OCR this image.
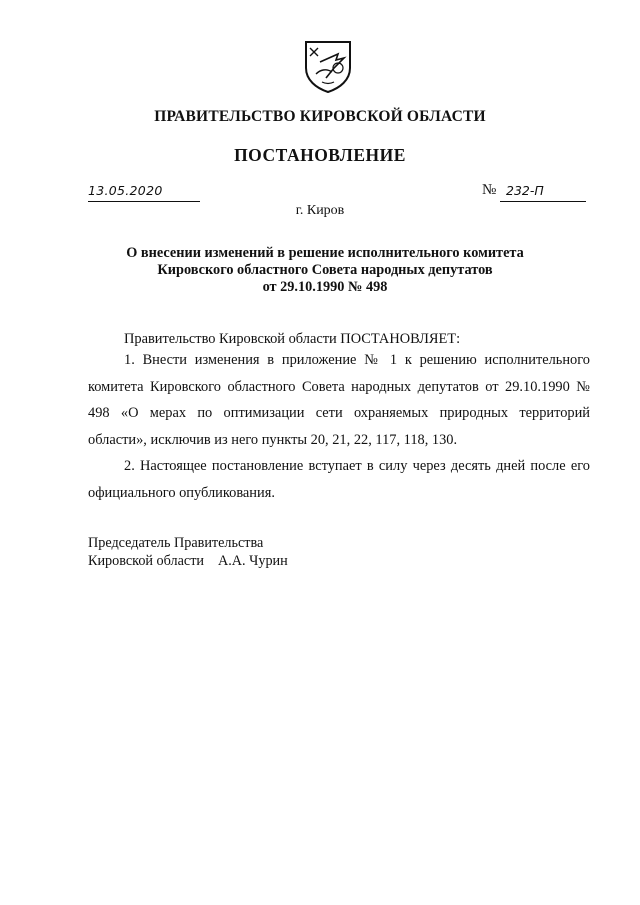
ПРАВИТЕЛЬСТВО КИРОВСКОЙ ОБЛАСТИ
ПОСТАНОВЛЕНИЕ
13.05.2020	№ 232-П
г. Киров
О внесении изменений в решение исполнительного комитета
Кировского областного Совета народных депутатов
от 29.10.1990 № 498
Правительство Кировской области ПОСТАНОВЛЯЕТ:
1. Внести изменения в приложение № 1 к решению исполнительного комитета Кировского областного Совета народных депутатов от 29.10.1990 № 498 «О мерах по оптимизации сети охраняемых природных территорий области», исключив из него пункты 20, 21, 22, 117, 118, 130.
2. Настоящее постановление вступает в силу через десять дней после его официального опубликования.
Председатель Правительства
Кировской области А.А. Чурин
